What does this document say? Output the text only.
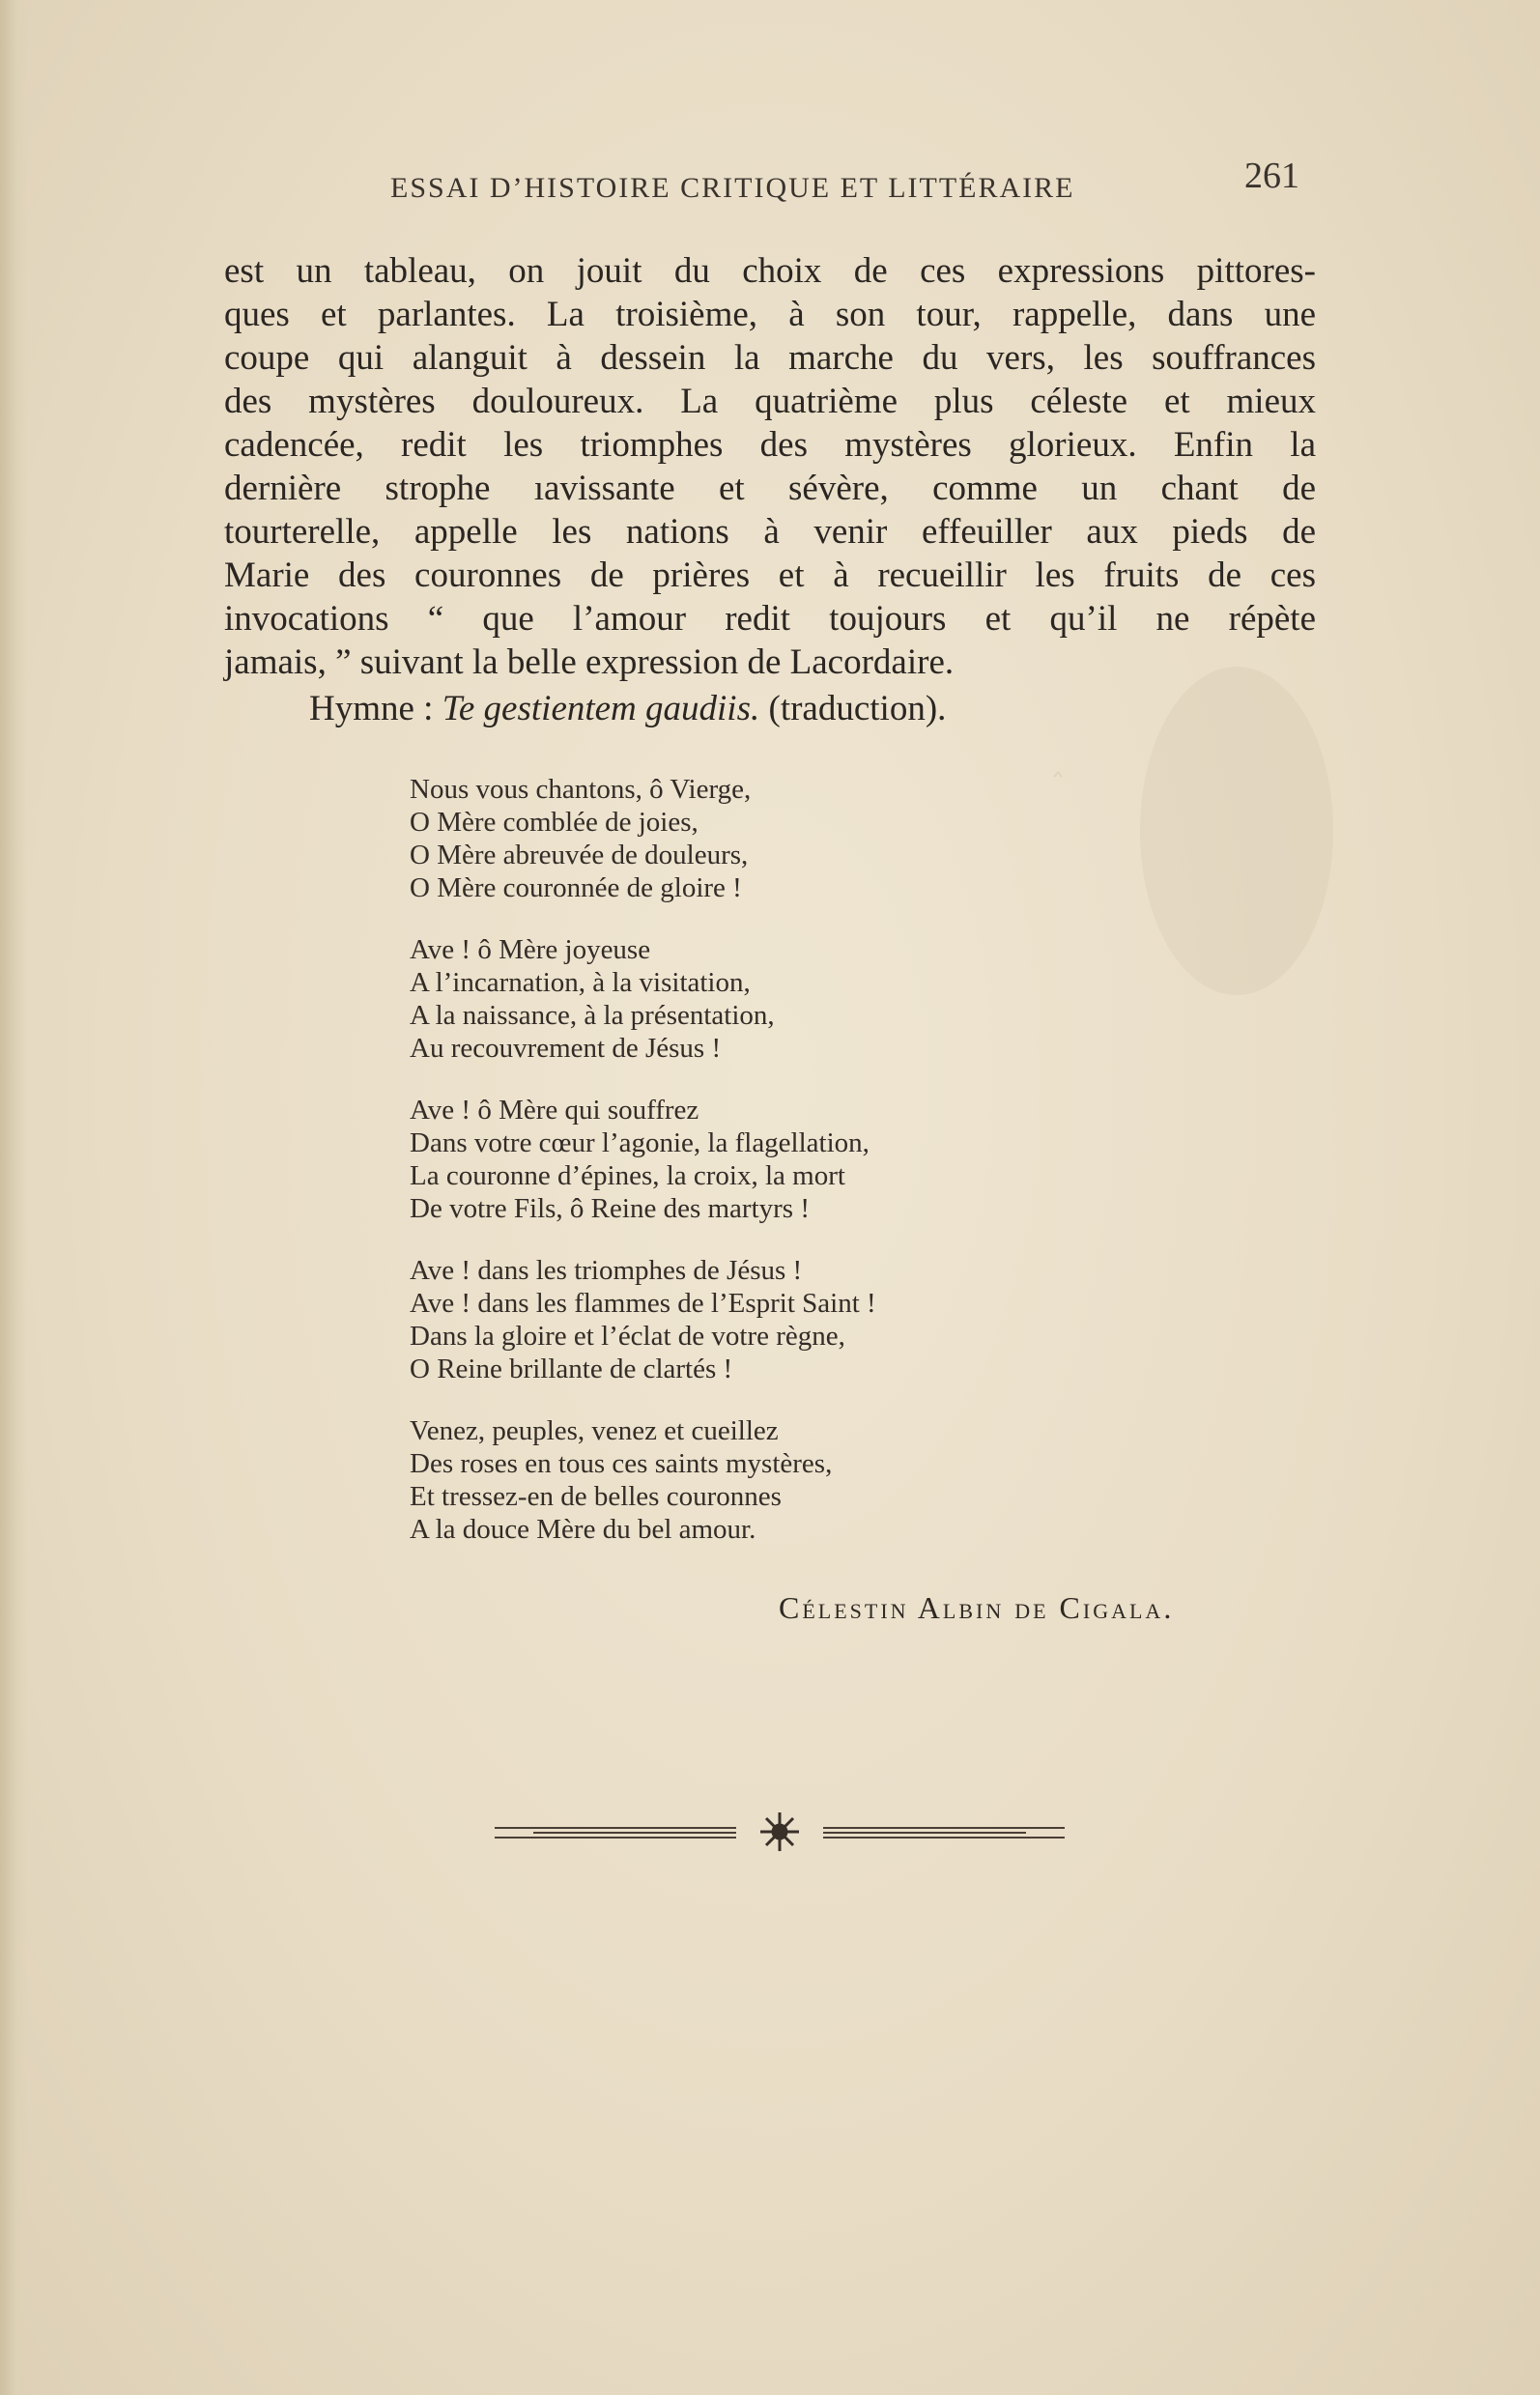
‸
ESSAI D’HISTOIRE CRITIQUE ET LITTÉRAIRE	261
est un tableau, on jouit du choix de ces expressions pittores-
ques et parlantes. La troisième, à son tour, rappelle, dans une
coupe qui alanguit à dessein la marche du vers, les souffrances
des mystères douloureux. La quatrième plus céleste et mieux
cadencée, redit les triomphes des mystères glorieux. Enfin la
dernière strophe ıavissante et sévère, comme un chant de
tourterelle, appelle les nations à venir effeuiller aux pieds de
Marie des couronnes de prières et à recueillir les fruits de ces
invocations “ que l’amour redit toujours et qu’il ne répète
jamais, ” suivant la belle expression de Lacordaire.
Hymne : Te gestientem gaudiis. (traduction).
Nous vous chantons, ô Vierge,
O Mère comblée de joies,
O Mère abreuvée de douleurs,
O Mère couronnée de gloire !
Ave ! ô Mère joyeuse
A l’incarnation, à la visitation,
A la naissance, à la présentation,
Au recouvrement de Jésus !
Ave ! ô Mère qui souffrez
Dans votre cœur l’agonie, la flagellation,
La couronne d’épines, la croix, la mort
De votre Fils, ô Reine des martyrs !
Ave ! dans les triomphes de Jésus !
Ave ! dans les flammes de l’Esprit Saint !
Dans la gloire et l’éclat de votre règne,
O Reine brillante de clartés !
Venez, peuples, venez et cueillez
Des roses en tous ces saints mystères,
Et tressez-en de belles couronnes
A la douce Mère du bel amour.
Célestin Albin de Cigala.
